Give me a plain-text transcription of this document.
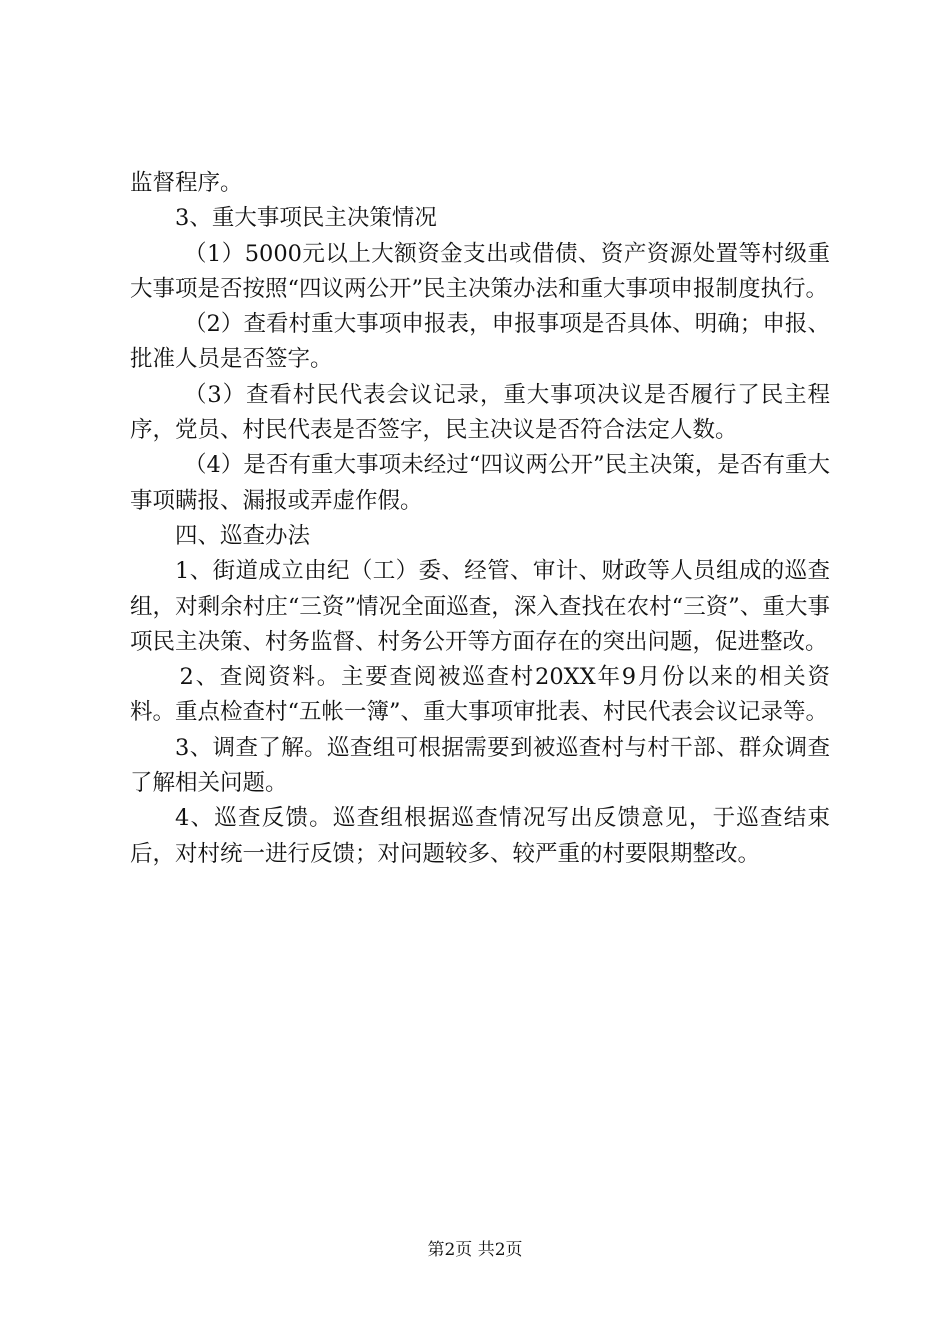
监督程序。

3、重大事项民主决策情况

（1）5000元以上大额资金支出或借债、资产资源处置等村级重大事项是否按照“四议两公开”民主决策办法和重大事项申报制度执行。

（2）查看村重大事项申报表，申报事项是否具体、明确；申报、批准人员是否签字。

（3）查看村民代表会议记录，重大事项决议是否履行了民主程序，党员、村民代表是否签字，民主决议是否符合法定人数。

（4）是否有重大事项未经过“四议两公开”民主决策，是否有重大事项瞒报、漏报或弄虚作假。

四、巡查办法

1、街道成立由纪（工）委、经管、审计、财政等人员组成的巡查组，对剩余村庄“三资”情况全面巡查，深入查找在农村“三资”、重大事项民主决策、村务监督、村务公开等方面存在的突出问题，促进整改。

2、查阅资料。主要查阅被巡查村20XX年9月份以来的相关资料。重点检查村“五帐一簿”、重大事项审批表、村民代表会议记录等。

3、调查了解。巡查组可根据需要到被巡查村与村干部、群众调查了解相关问题。

4、巡查反馈。巡查组根据巡查情况写出反馈意见，于巡查结束后，对村统一进行反馈；对问题较多、较严重的村要限期整改。

第2页 共2页
